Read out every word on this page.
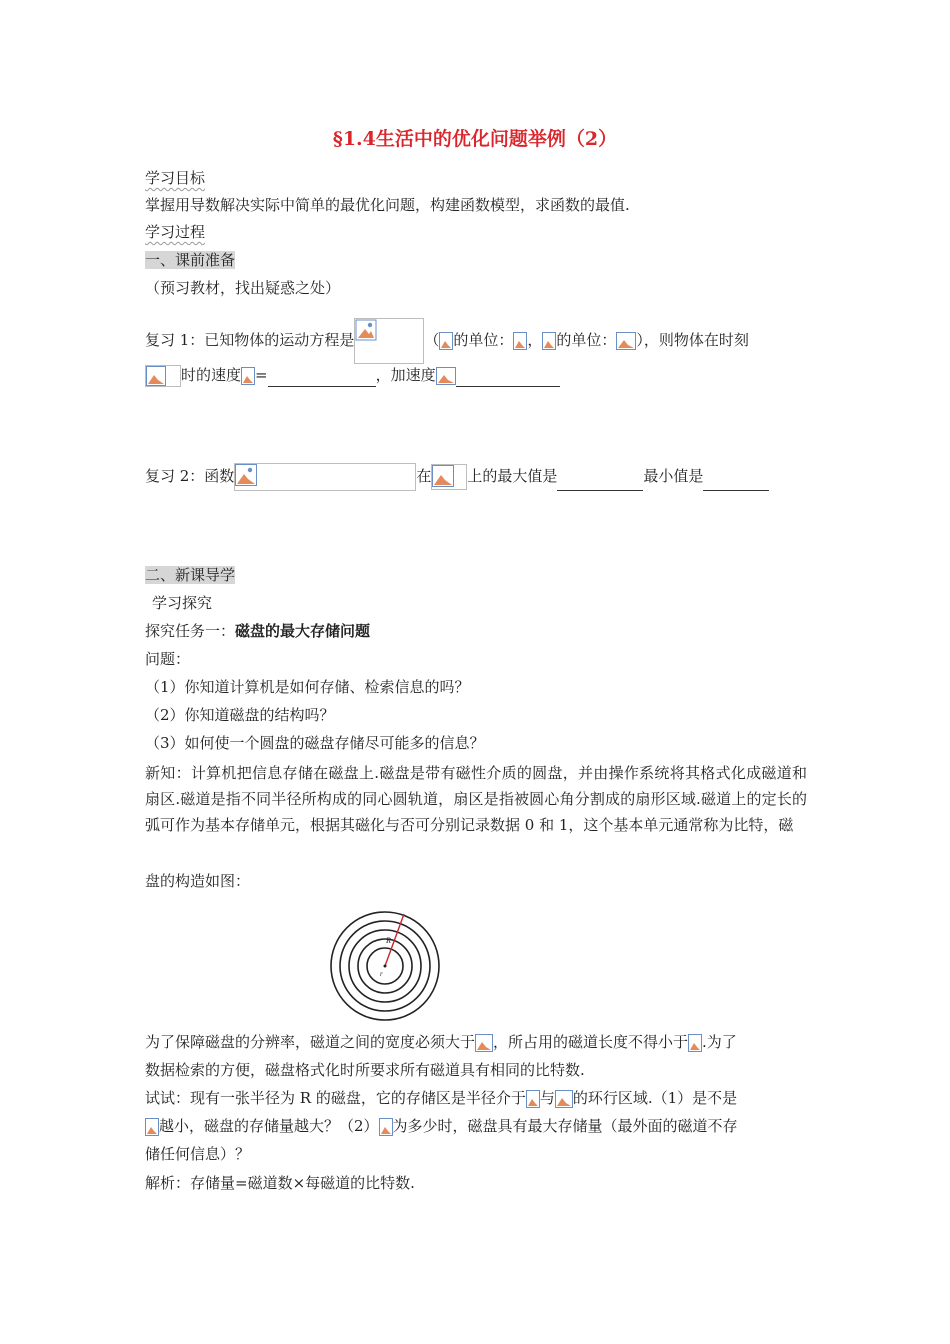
§1.4生活中的优化问题举例（2）
学习目标
掌握用导数解决实际中简单的最优化问题，构建函数模型，求函数的最值.
学习过程
一、课前准备
（预习教材，找出疑惑之处）
复习 1：已知物体的运动方程是	（ 的单位： ， 的单位： ），则物体在时刻
时的速度 =	，加速度
复习 2：函数	在 上的最大值是	最小值是
二、新课导学
学习探究
探究任务一：磁盘的最大存储问题
问题：
（1）你知道计算机是如何存储、检索信息的吗？
（2）你知道磁盘的结构吗？
（3）如何使一个圆盘的磁盘存储尽可能多的信息？
新知：计算机把信息存储在磁盘上.磁盘是带有磁性介质的圆盘，并由操作系统将其格式化成磁道和扇区.磁道是指不同半径所构成的同心圆轨道，扇区是指被圆心角分割成的扇形区域.磁道上的定长的弧可作为基本存储单元，根据其磁化与否可分别记录数据 0 和 1，这个基本单元通常称为比特，磁
盘的构造如图：
R
r
为了保障磁盘的分辨率，磁道之间的宽度必须大于 ，所占用的磁道长度不得小于 .为了
数据检索的方便，磁盘格式化时所要求所有磁道具有相同的比特数.
试试：现有一张半径为 R 的磁盘，它的存储区是半径介于 与 的环行区域.（1）是不是
越小，磁盘的存储量越大？（2） 为多少时，磁盘具有最大存储量（最外面的磁道不存
储任何信息）？
解析：存储量=磁道数×每磁道的比特数.
